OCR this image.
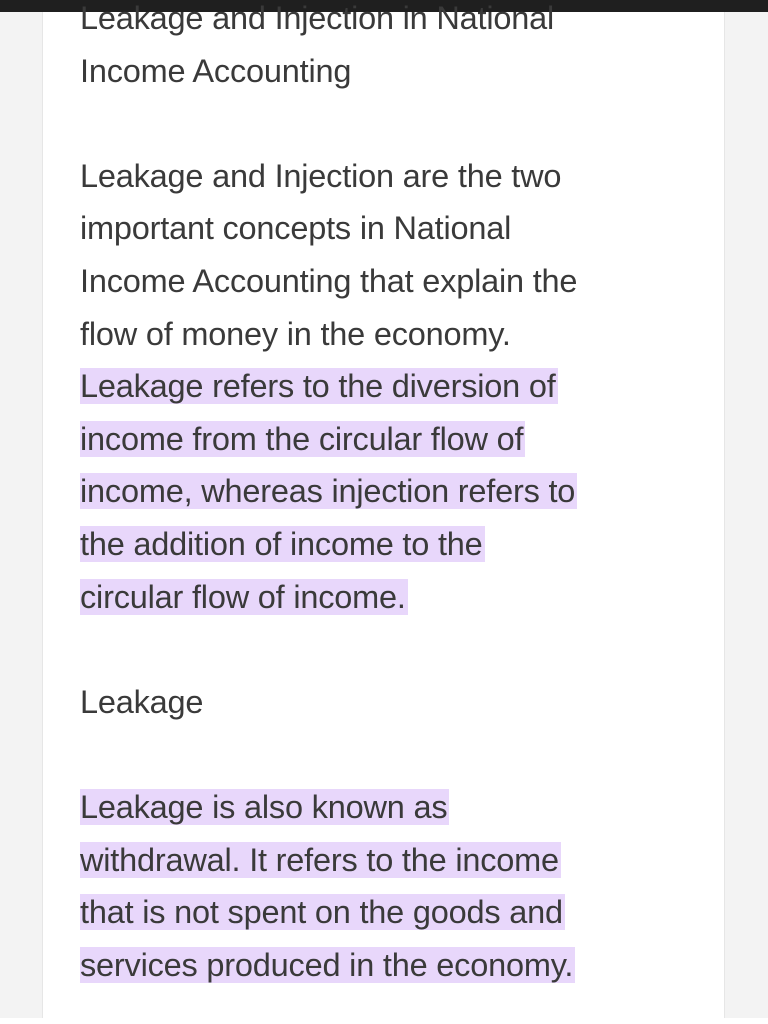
Leakage and Injection in National
Income Accounting
Leakage and Injection are the two
important concepts in National
Income Accounting that explain the
flow of money in the economy.
Leakage refers to the diversion of
income from the circular flow of
income, whereas injection refers to
the addition of income to the
circular flow of income.
Leakage
Leakage is also known as
withdrawal. It refers to the income
that is not spent on the goods and
services produced in the economy.
